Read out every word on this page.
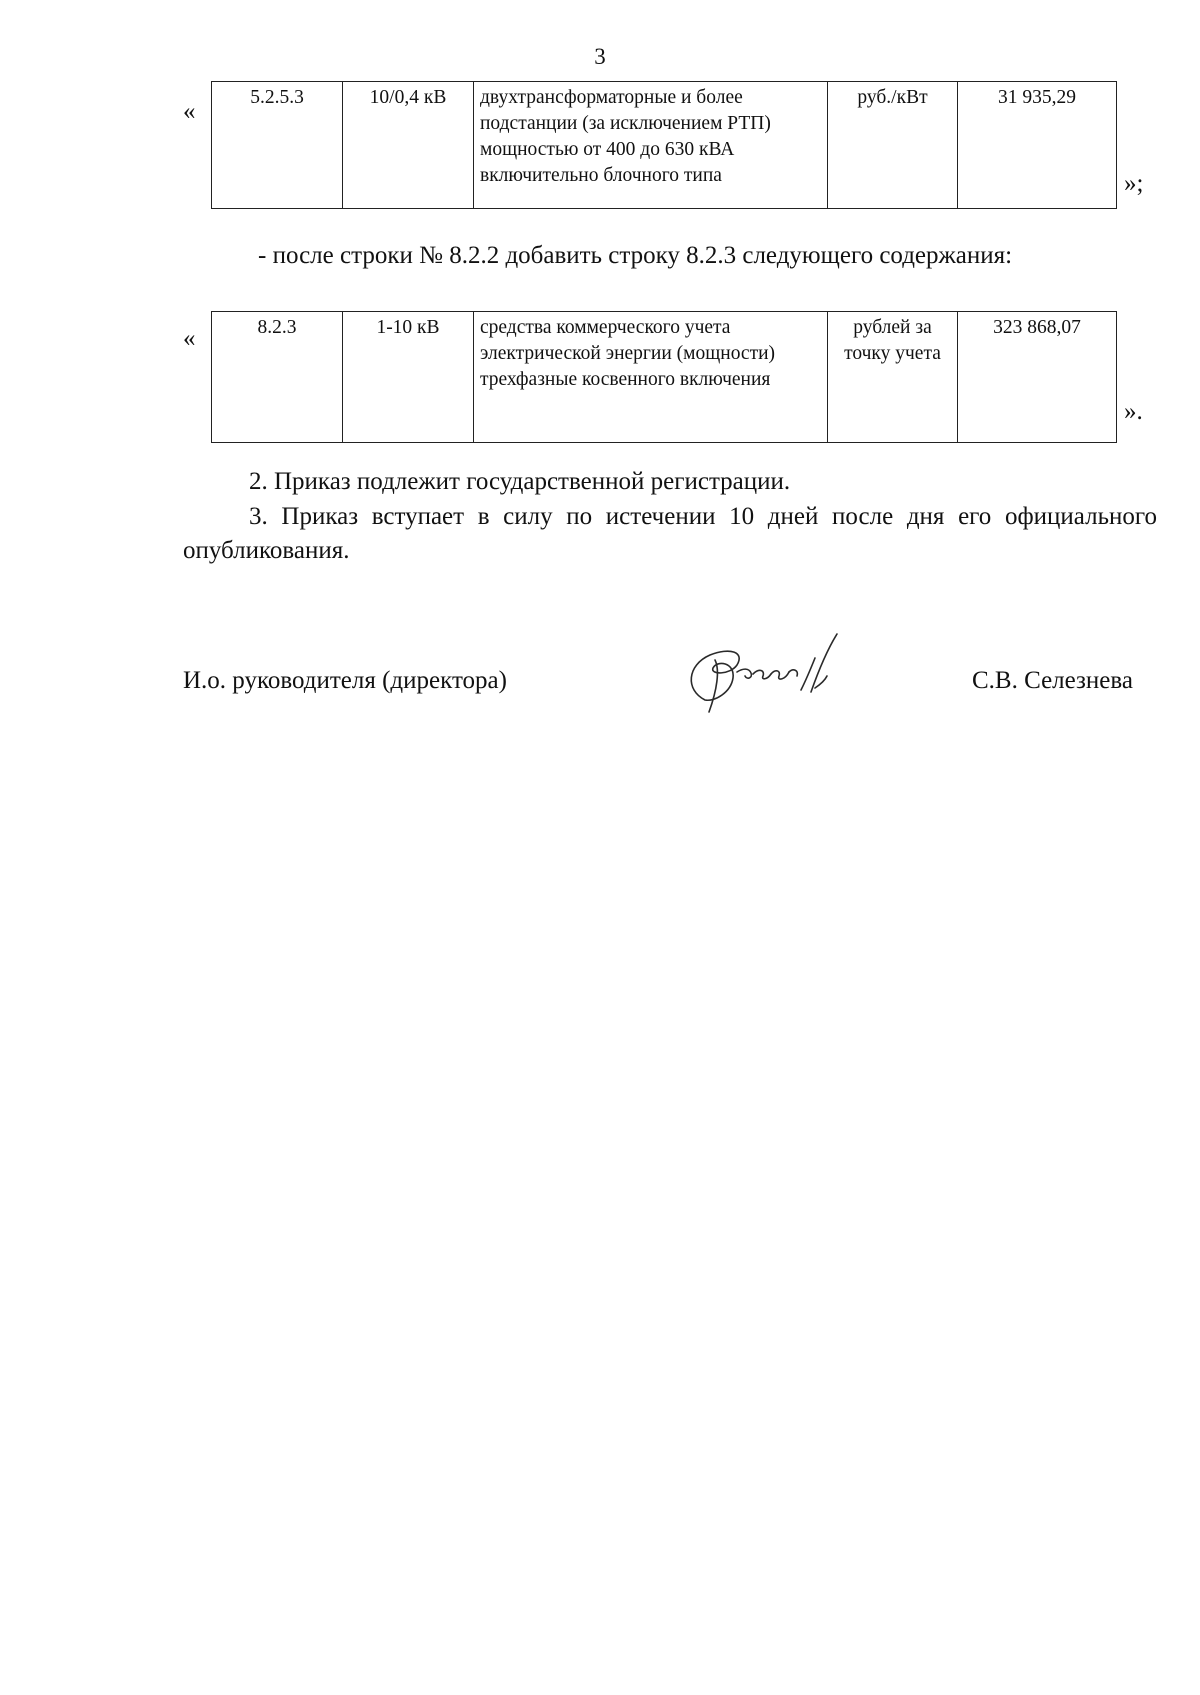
3
«
5.2.5.3	10/0,4 кВ	двухтрансформаторные и более подстанции (за исключением РТП) мощностью от 400 до 630 кВА включительно блочного типа	руб./кВт	31 935,29
»;
- после строки № 8.2.2 добавить строку 8.2.3 следующего содержания:
«	8.2.3	1-10 кВ	средства коммерческого учета электрической энергии (мощности) трехфазные косвенного включения	рублей за точку учета	323 868,07
».
2. Приказ подлежит государственной регистрации.
3. Приказ вступает в силу по истечении 10 дней после дня его официального опубликования.
И.о. руководителя (директора)	С.В. Селезнева
